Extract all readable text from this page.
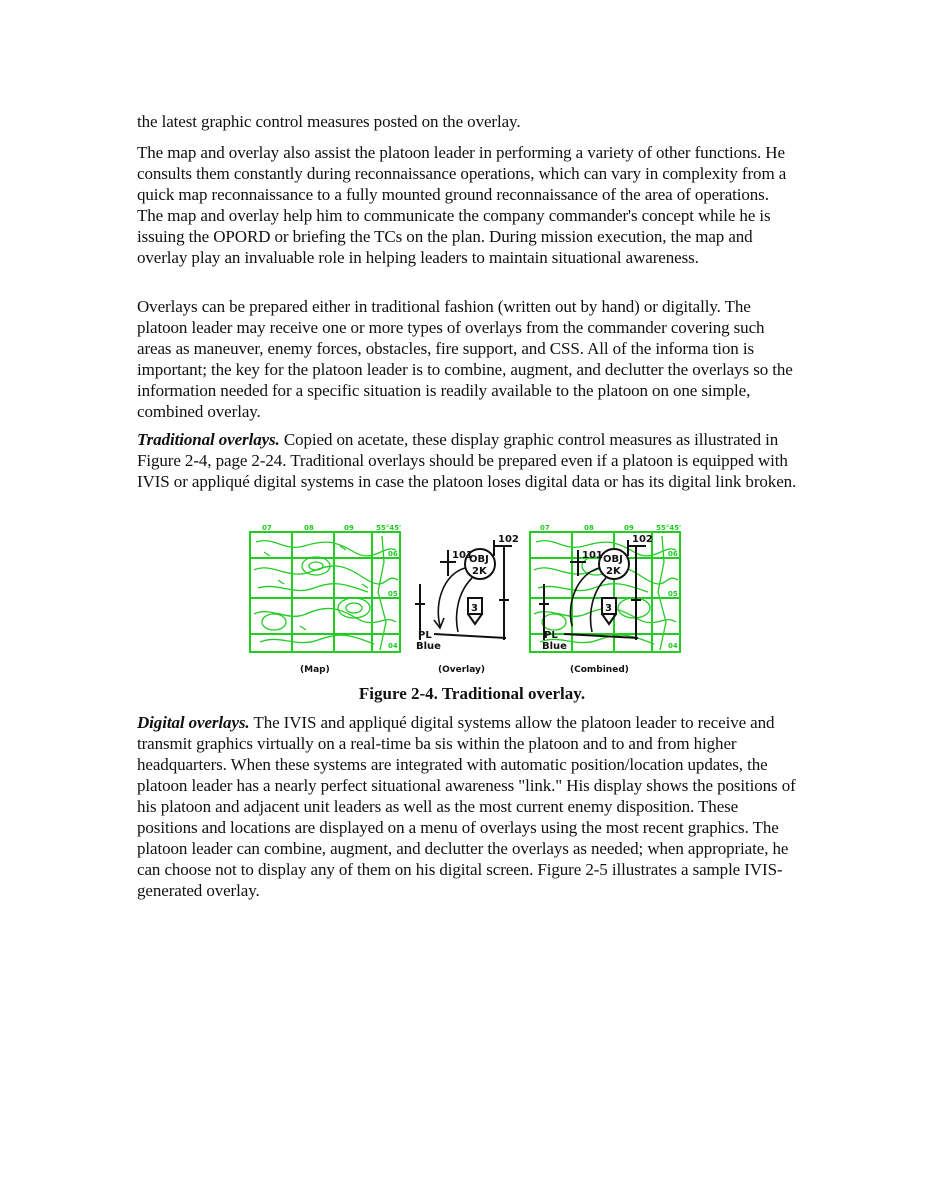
the latest graphic control measures posted on the overlay.

The map and overlay also assist the platoon leader in performing a variety of other functions. He consults them constantly during reconnaissance operations, which can vary in complexity from a quick map reconnaissance to a fully mounted ground reconnaissance of the area of operations. The map and overlay help him to communicate the company commander's concept while he is issuing the OPORD or briefing the TCs on the plan. During mission execution, the map and overlay play an invaluable role in helping leaders to maintain situational awareness.

Overlays can be prepared either in traditional fashion (written out by hand) or digitally. The platoon leader may receive one or more types of overlays from the commander covering such areas as maneuver, enemy forces, obstacles, fire support, and CSS. All of the informa tion is important; the key for the platoon leader is to combine, augment, and declutter the overlays so the information needed for a specific situation is readily available to the platoon on one simple, combined overlay.

Traditional overlays. Copied on acetate, these display graphic control measures as illustrated in Figure 2-4, page 2-24. Traditional overlays should be prepared even if a platoon is equipped with IVIS or appliqué digital systems in case the platoon loses digital data or has its digital link broken.

07	08	09	55°45'
06
05
04
(Map)
101
102
OBJ
2K
3
PL
Blue
(Overlay)
101
102
OBJ
2K
3
PL
Blue
07	08	09	55°45'
06
05
04
(Combined)
Figure 2-4. Traditional overlay.

Digital overlays. The IVIS and appliqué digital systems allow the platoon leader to receive and transmit graphics virtually on a real-time ba sis within the platoon and to and from higher headquarters. When these systems are integrated with automatic position/location updates, the platoon leader has a nearly perfect situational awareness "link." His display shows the positions of his platoon and adjacent unit leaders as well as the most current enemy disposition. These positions and locations are displayed on a menu of overlays using the most recent graphics. The platoon leader can combine, augment, and declutter the overlays as needed; when appropriate, he can choose not to display any of them on his digital screen. Figure 2-5 illustrates a sample IVIS-generated overlay.
